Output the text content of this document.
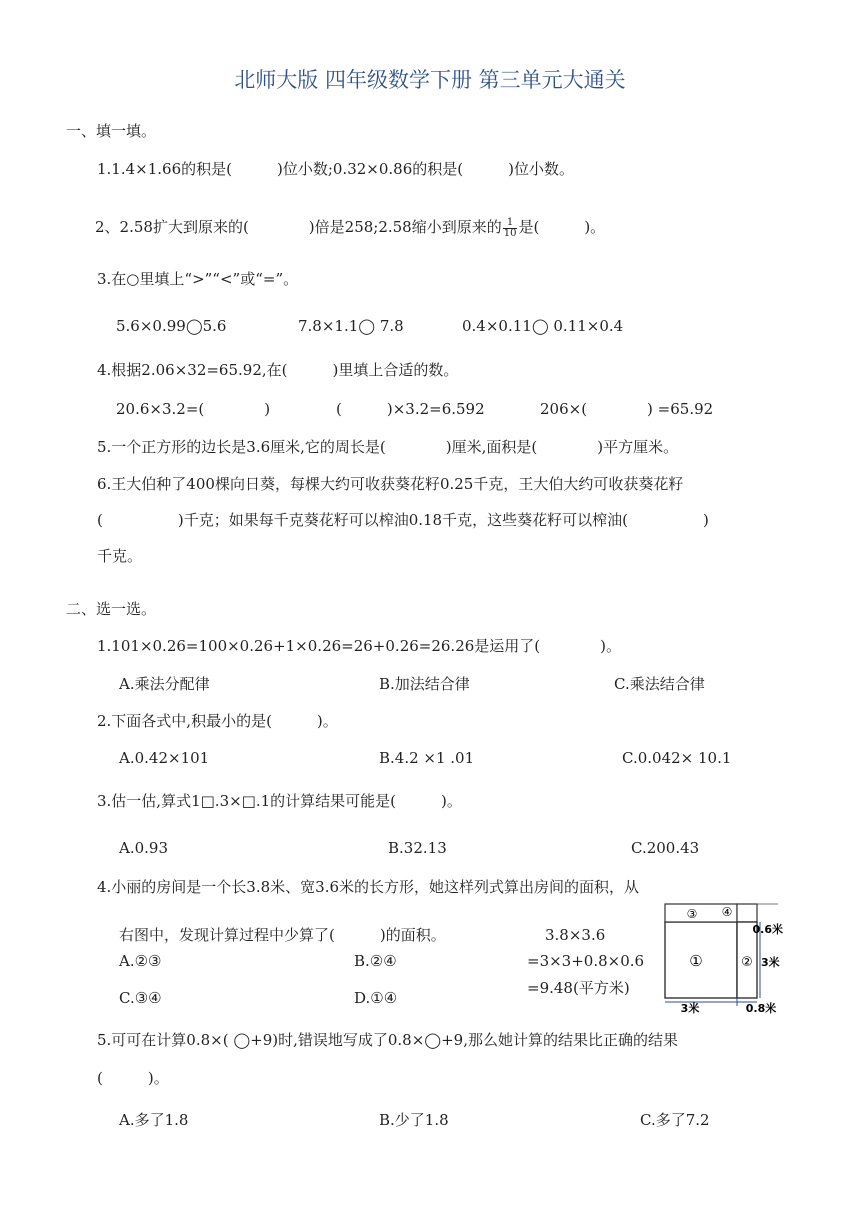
北师大版 四年级数学下册 第三单元大通关
一、填一填。
1.1.4×1.66的积是(　　　)位小数;0.32×0.86的积是(　　　)位小数。
2、2.58扩大到原来的(　　　　)倍是258;2.58缩小到原来的 $\frac{1}{10}$ 是(　　　)。
3.在○里填上“>”“<”或“=”。
5.6×0.99◯5.6	7.8×1.1◯ 7.8	0.4×0.11◯ 0.11×0.4
4.根据2.06×32=65.92,在(　　　)里填上合适的数。
20.6×3.2=(　　　　)	(　　　)×3.2=6.592	206×(　　　　) =65.92
5.一个正方形的边长是3.6厘米,它的周长是(　　　　)厘米,面积是(　　　　)平方厘米。
6.王大伯种了400棵向日葵，每棵大约可收获葵花籽0.25千克，王大伯大约可收获葵花籽
(　　　　　)千克；如果每千克葵花籽可以榨油0.18千克，这些葵花籽可以榨油(　　　　　)
千克。
二、选一选。
1.101×0.26=100×0.26+1×0.26=26+0.26=26.26是运用了(　　　　)。
A.乘法分配律	B.加法结合律	C.乘法结合律
2.下面各式中,积最小的是(　　　)。
A.0.42×101	B.4.2 ×1 .01	C.0.042× 10.1
3.估一估,算式1□.3×□.1的计算结果可能是(　　　)。
A.0.93	B.32.13	C.200.43
4.小丽的房间是一个长3.8米、宽3.6米的长方形，她这样列式算出房间的面积，从
右图中，发现计算过程中少算了(　　　)的面积。	3.8×3.6
=3×3+0.8×0.6
=9.48(平方米)
A.②③	B.②④
C.③④	D.①④
①	②
③ ④
0.6米
3米
3米	0.8米
5.可可在计算0.8×( ◯+9)时,错误地写成了0.8×◯+9,那么她计算的结果比正确的结果
(　　　)。
A.多了1.8	B.少了1.8	C.多了7.2
